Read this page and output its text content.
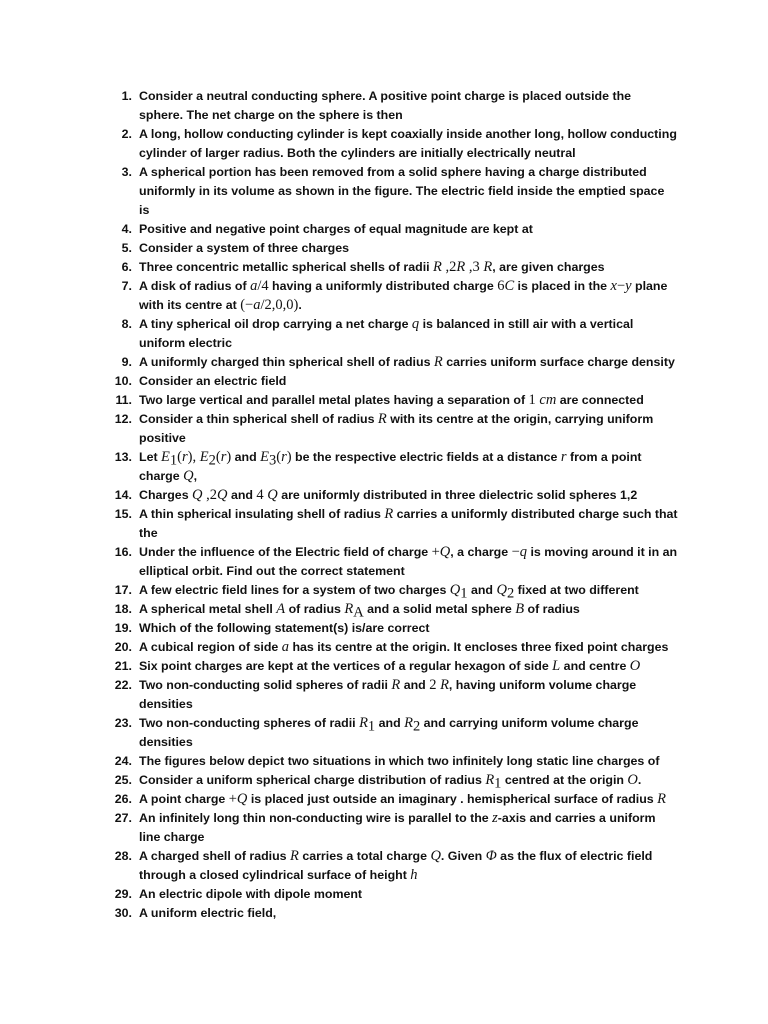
1. Consider a neutral conducting sphere. A positive point charge is placed outside the sphere. The net charge on the sphere is then
2. A long, hollow conducting cylinder is kept coaxially inside another long, hollow conducting cylinder of larger radius. Both the cylinders are initially electrically neutral
3. A spherical portion has been removed from a solid sphere having a charge distributed uniformly in its volume as shown in the figure. The electric field inside the emptied space is
4. Positive and negative point charges of equal magnitude are kept at
5. Consider a system of three charges
6. Three concentric metallic spherical shells of radii R ,2R ,3 R, are given charges
7. A disk of radius of a/4 having a uniformly distributed charge 6C is placed in the x−y plane with its centre at (−a/2,0,0).
8. A tiny spherical oil drop carrying a net charge q is balanced in still air with a vertical uniform electric
9. A uniformly charged thin spherical shell of radius R carries uniform surface charge density
10. Consider an electric field
11. Two large vertical and parallel metal plates having a separation of 1 cm are connected
12. Consider a thin spherical shell of radius R with its centre at the origin, carrying uniform positive
13. Let $E_1(r)$, $E_2(r)$ and $E_3(r)$ be the respective electric fields at a distance r from a point charge Q,
14. Charges Q ,2Q and 4 Q are uniformly distributed in three dielectric solid spheres 1,2
15. A thin spherical insulating shell of radius R carries a uniformly distributed charge such that the
16. Under the influence of the Electric field of charge +Q, a charge −q is moving around it in an elliptical orbit. Find out the correct statement
17. A few electric field lines for a system of two charges $Q_1$ and $Q_2$ fixed at two different
18. A spherical metal shell A of radius $R_A$ and a solid metal sphere B of radius
19. Which of the following statement(s) is/are correct
20. A cubical region of side a has its centre at the origin. It encloses three fixed point charges
21. Six point charges are kept at the vertices of a regular hexagon of side L and centre O
22. Two non-conducting solid spheres of radii R and 2 R, having uniform volume charge densities
23. Two non-conducting spheres of radii $R_1$ and $R_2$ and carrying uniform volume charge densities
24. The figures below depict two situations in which two infinitely long static line charges of
25. Consider a uniform spherical charge distribution of radius $R_1$ centred at the origin O.
26. A point charge +Q is placed just outside an imaginary . hemispherical surface of radius R
27. An infinitely long thin non-conducting wire is parallel to the z-axis and carries a uniform line charge
28. A charged shell of radius R carries a total charge Q. Given Φ as the flux of electric field through a closed cylindrical surface of height h
29. An electric dipole with dipole moment
30. A uniform electric field,
